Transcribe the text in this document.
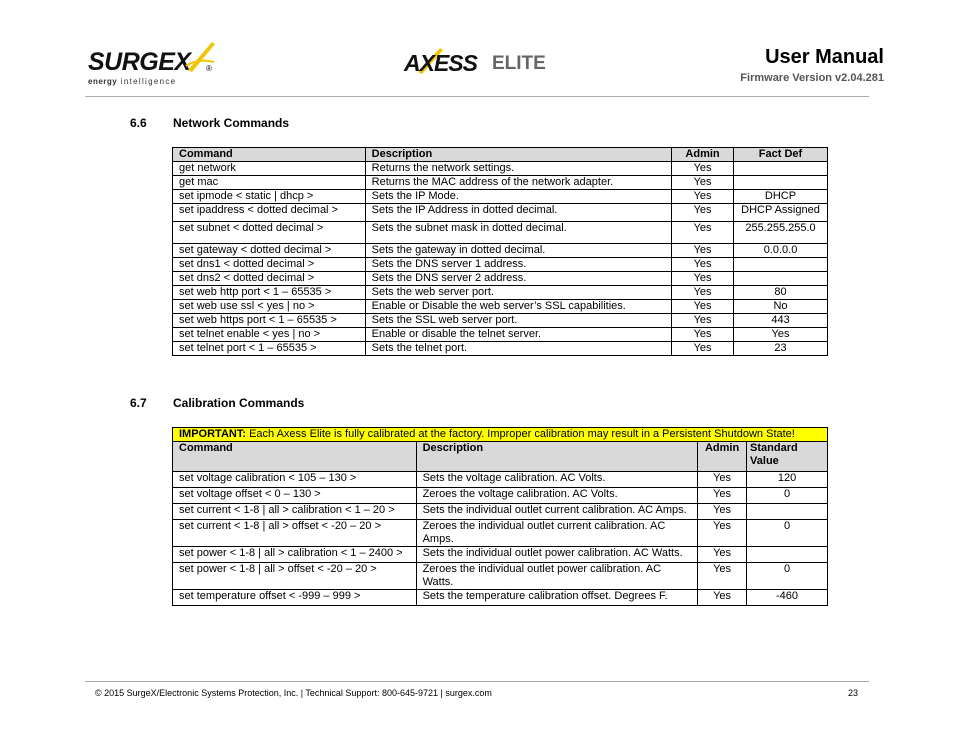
SURGEX ®
energy intelligence
AXESS ELITE	User Manual
Firmware Version v2.04.281
6.6 Network Commands
Command	Description	Admin	Fact Def
get network	Returns the network settings.	Yes	
get mac	Returns the MAC address of the network adapter.	Yes	
set ipmode < static | dhcp >	Sets the IP Mode.	Yes	DHCP
set ipaddress < dotted decimal >	Sets the IP Address in dotted decimal.	Yes	DHCP Assigned
set subnet < dotted decimal >	Sets the subnet mask in dotted decimal.	Yes	255.255.255.0
set gateway < dotted decimal >	Sets the gateway in dotted decimal.	Yes	0.0.0.0
set dns1 < dotted decimal >	Sets the DNS server 1 address.	Yes	
set dns2 < dotted decimal >	Sets the DNS server 2 address.	Yes	
set web http port < 1 – 65535 >	Sets the web server port.	Yes	80
set web use ssl < yes | no >	Enable or Disable the web server’s SSL capabilities.	Yes	No
set web https port < 1 – 65535 >	Sets the SSL web server port.	Yes	443
set telnet enable < yes | no >	Enable or disable the telnet server.	Yes	Yes
set telnet port < 1 – 65535 >	Sets the telnet port.	Yes	23
6.7 Calibration Commands
IMPORTANT: Each Axess Elite is fully calibrated at the factory. Improper calibration may result in a Persistent Shutdown State!			
Command	Description	Admin	Standard Value
set voltage calibration < 105 – 130 >	Sets the voltage calibration. AC Volts.	Yes	120
set voltage offset < 0 – 130 >	Zeroes the voltage calibration. AC Volts.	Yes	0
set current < 1-8 | all > calibration < 1 – 20 >	Sets the individual outlet current calibration. AC Amps.	Yes	
set current < 1-8 | all > offset < -20 – 20 >	Zeroes the individual outlet current calibration. AC Amps.	Yes	0
set power < 1-8 | all > calibration < 1 – 2400 >	Sets the individual outlet power calibration. AC Watts.	Yes	
set power < 1-8 | all > offset < -20 – 20 >	Zeroes the individual outlet power calibration. AC Watts.	Yes	0
set temperature offset < -999 – 999 >	Sets the temperature calibration offset. Degrees F.	Yes	-460
© 2015 SurgeX/Electronic Systems Protection, Inc. | Technical Support: 800-645-9721 | surgex.com	23
